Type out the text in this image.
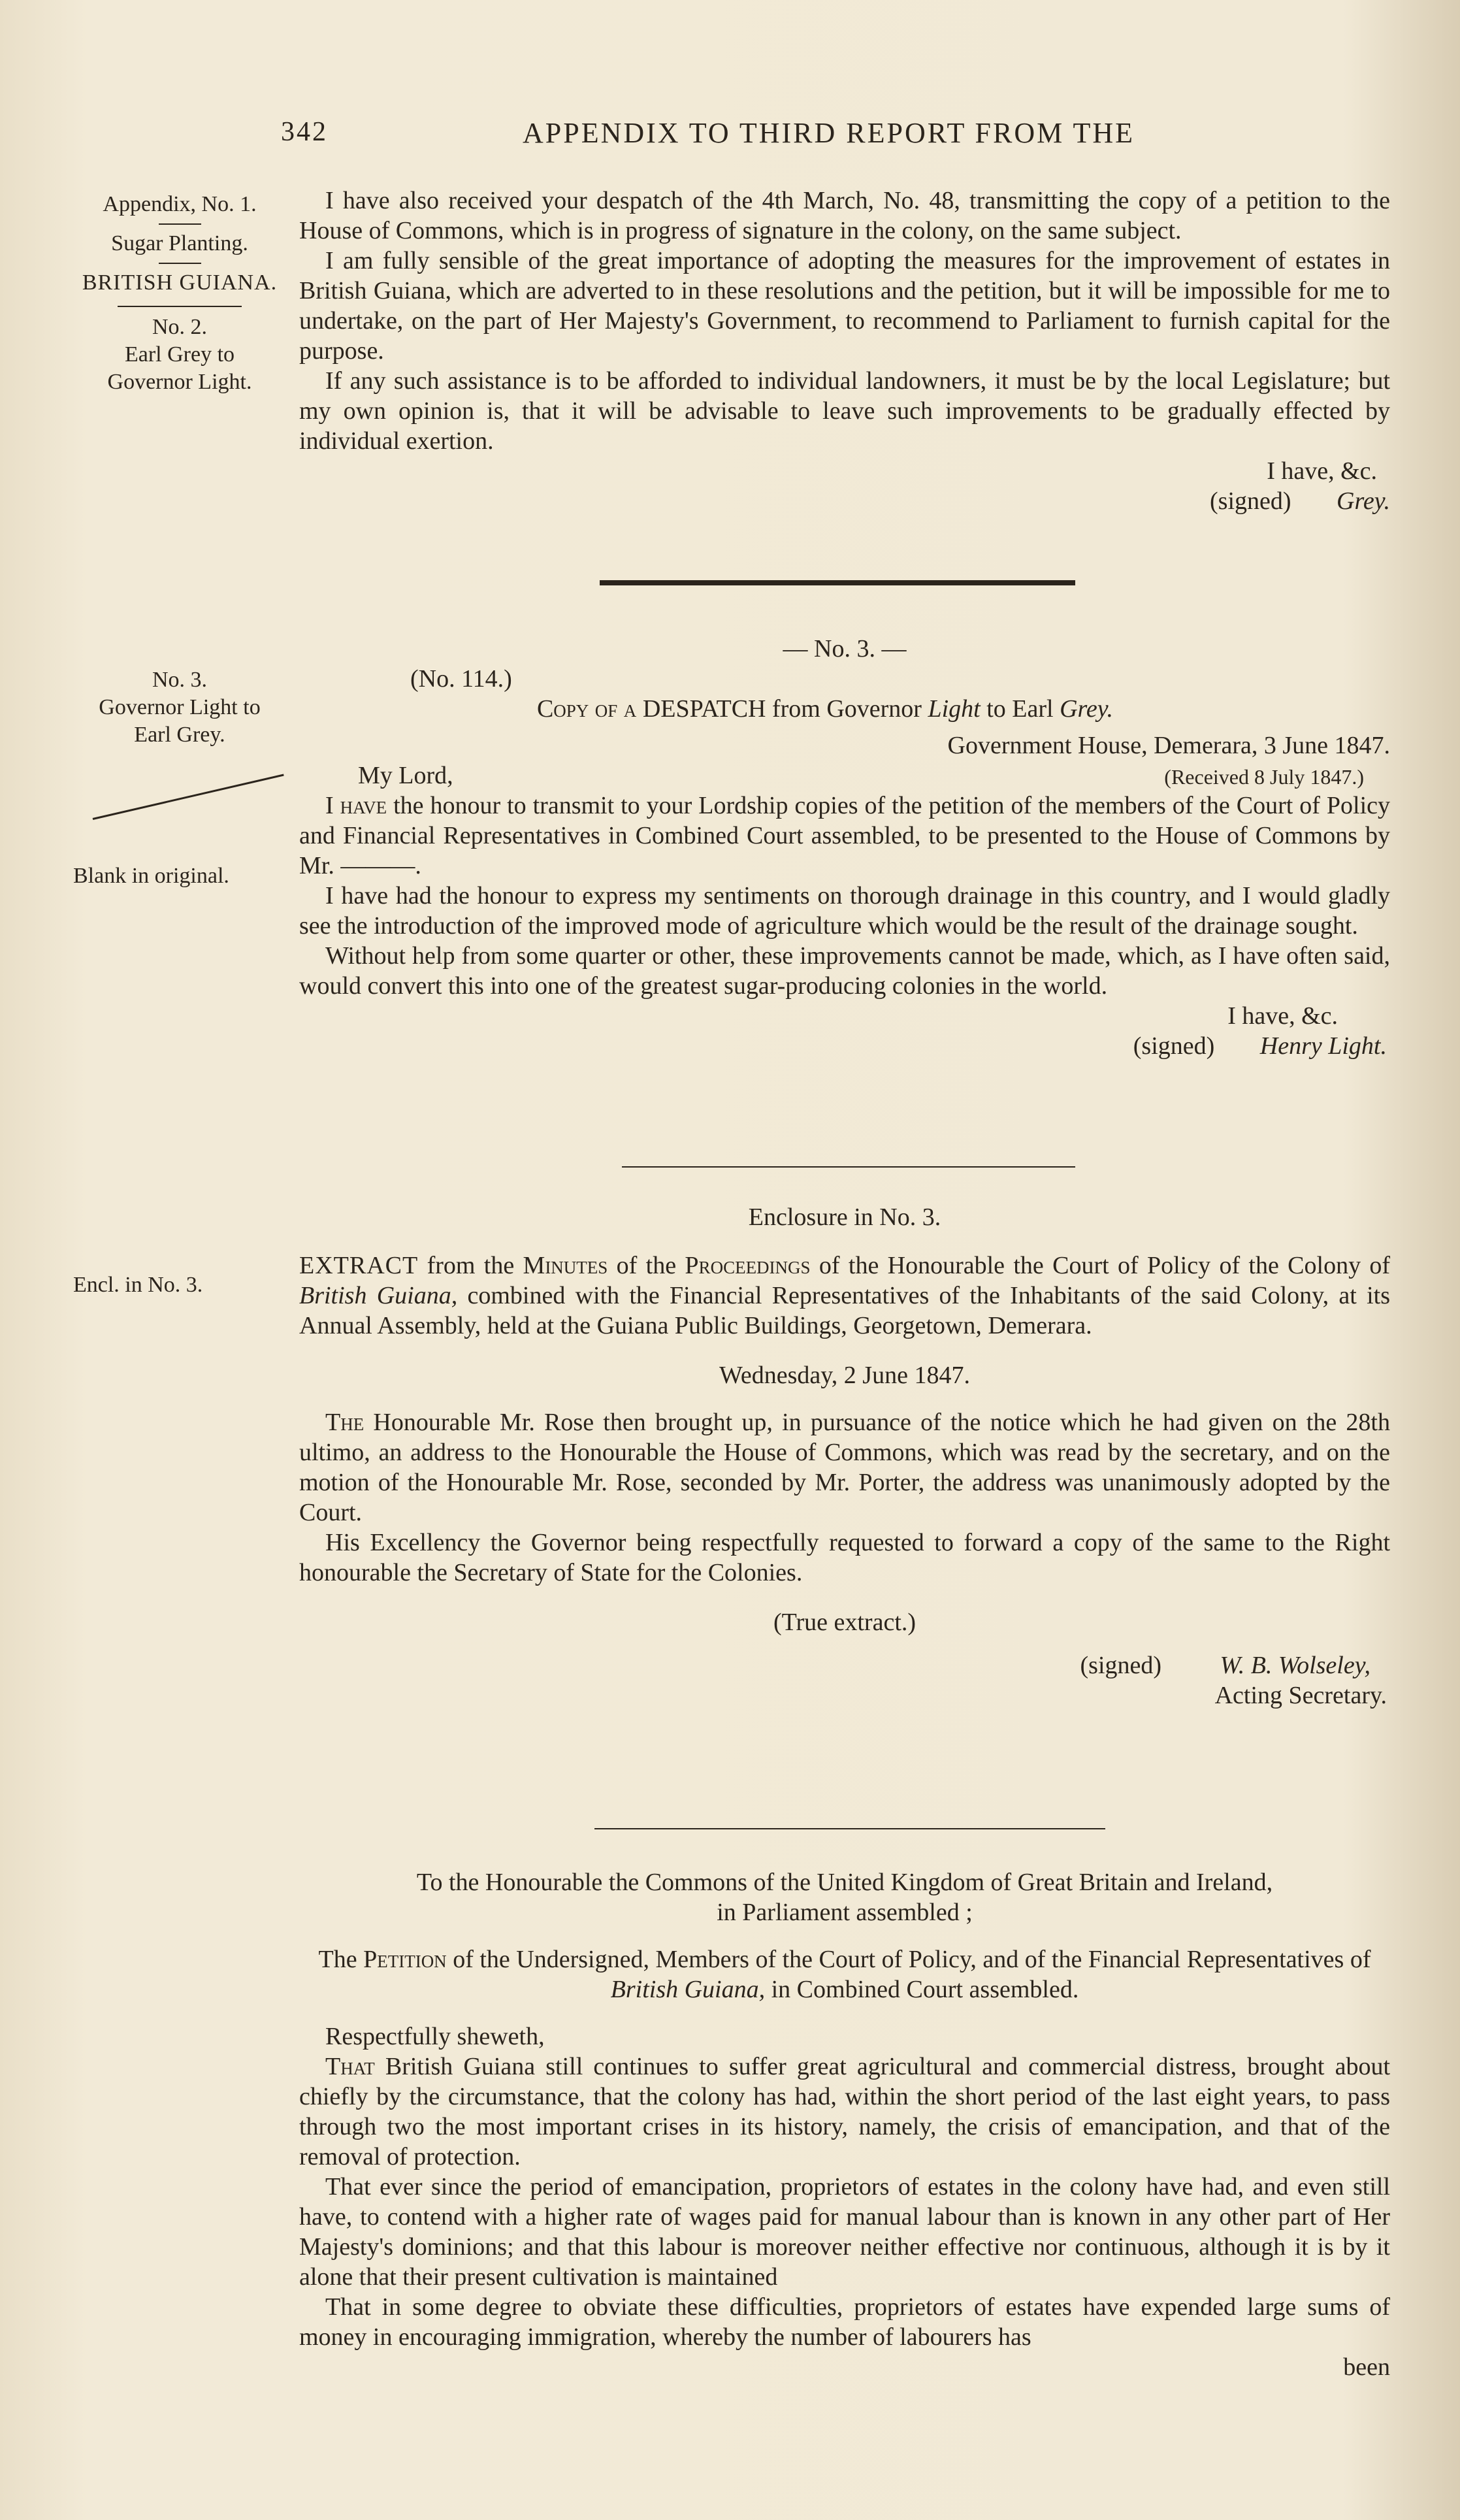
342	APPENDIX TO THIRD REPORT FROM THE

Appendix, No. 1.

Sugar Planting.

BRITISH GUIANA.

No. 2.

Earl Grey to

Governor Light.

No. 3.

Governor Light to

Earl Grey.

Blank in original.

Encl. in No. 3.

I have also received your despatch of the 4th March, No. 48, transmitting the copy of a petition to the House of Commons, which is in progress of signature in the colony, on the same subject.

I am fully sensible of the great importance of adopting the measures for the improvement of estates in British Guiana, which are adverted to in these resolutions and the petition, but it will be impossible for me to undertake, on the part of Her Majesty's Government, to recommend to Parliament to furnish capital for the purpose.

If any such assistance is to be afforded to individual landowners, it must be by the local Legislature; but my own opinion is, that it will be advisable to leave such improvements to be gradually effected by individual exertion.

I have, &c.

(signed) Grey.

— No. 3. —

(No. 114.)

Copy of a DESPATCH from Governor Light to Earl Grey.

Government House, Demerara, 3 June 1847.

My Lord,	(Received 8 July 1847.)

I have the honour to transmit to your Lordship copies of the petition of the members of the Court of Policy and Financial Representatives in Combined Court assembled, to be presented to the House of Commons by Mr. ———.

I have had the honour to express my sentiments on thorough drainage in this country, and I would gladly see the introduction of the improved mode of agriculture which would be the result of the drainage sought.

Without help from some quarter or other, these improvements cannot be made, which, as I have often said, would convert this into one of the greatest sugar-producing colonies in the world.

I have, &c.

(signed) Henry Light.

Enclosure in No. 3.

EXTRACT from the Minutes of the Proceedings of the Honourable the Court of Policy of the Colony of British Guiana, combined with the Financial Representatives of the Inhabitants of the said Colony, at its Annual Assembly, held at the Guiana Public Buildings, Georgetown, Demerara.

Wednesday, 2 June 1847.

The Honourable Mr. Rose then brought up, in pursuance of the notice which he had given on the 28th ultimo, an address to the Honourable the House of Commons, which was read by the secretary, and on the motion of the Honourable Mr. Rose, seconded by Mr. Porter, the address was unanimously adopted by the Court.

His Excellency the Governor being respectfully requested to forward a copy of the same to the Right honourable the Secretary of State for the Colonies.

(True extract.)

(signed) W. B. Wolseley,

Acting Secretary.

To the Honourable the Commons of the United Kingdom of Great Britain and Ireland,

in Parliament assembled ;

The Petition of the Undersigned, Members of the Court of Policy, and of the Financial Representatives of British Guiana, in Combined Court assembled.

Respectfully sheweth,

That British Guiana still continues to suffer great agricultural and commercial distress, brought about chiefly by the circumstance, that the colony has had, within the short period of the last eight years, to pass through two the most important crises in its history, namely, the crisis of emancipation, and that of the removal of protection.

That ever since the period of emancipation, proprietors of estates in the colony have had, and even still have, to contend with a higher rate of wages paid for manual labour than is known in any other part of Her Majesty's dominions; and that this labour is moreover neither effective nor continuous, although it is by it alone that their present cultivation is maintained

That in some degree to obviate these difficulties, proprietors of estates have expended large sums of money in encouraging immigration, whereby the number of labourers has

been
